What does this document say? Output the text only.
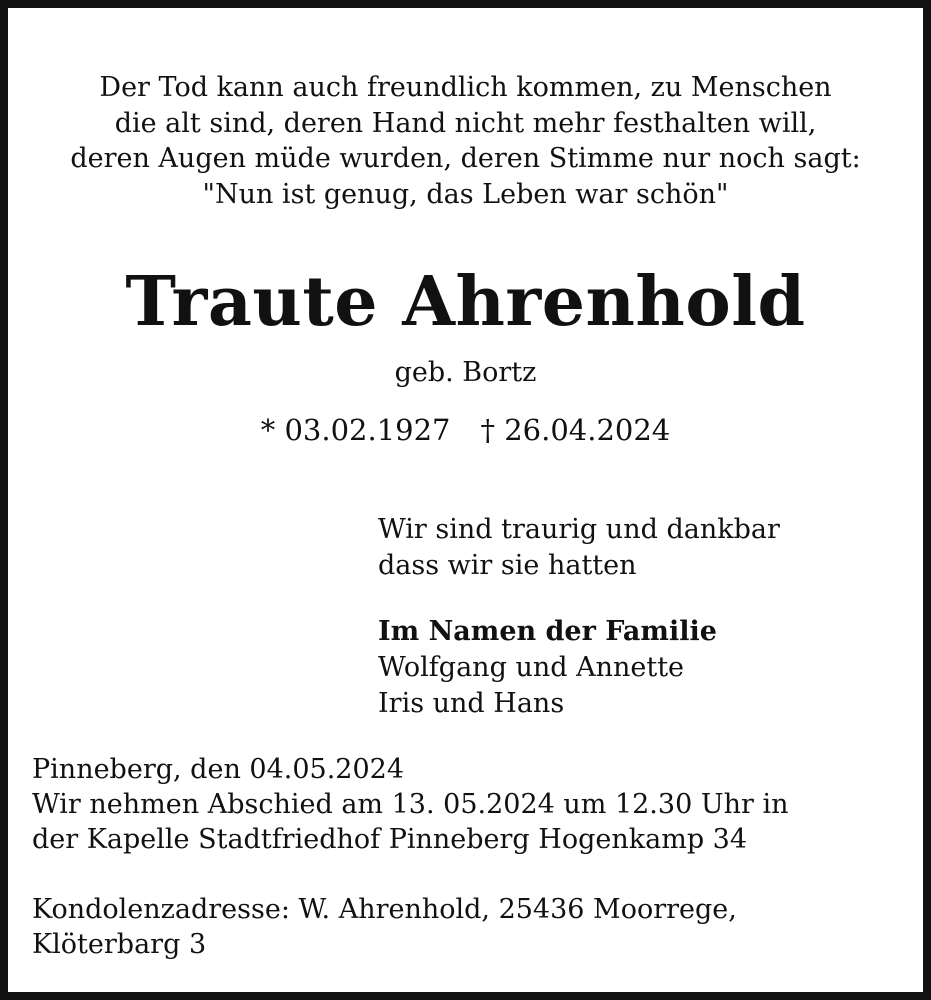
Der Tod kann auch freundlich kommen, zu Menschen
die alt sind, deren Hand nicht mehr festhalten will,
deren Augen müde wurden, deren Stimme nur noch sagt:
"Nun ist genug, das Leben war schön"
Traute Ahrenhold
geb. Bortz
* 03.02.1927 † 26.04.2024
Wir sind traurig und dankbar
dass wir sie hatten
Im Namen der Familie
Wolfgang und Annette
Iris und Hans
Pinneberg, den 04.05.2024
Wir nehmen Abschied am 13. 05.2024 um 12.30 Uhr in
der Kapelle Stadtfriedhof Pinneberg Hogenkamp 34
Kondolenzadresse: W. Ahrenhold, 25436 Moorrege,
Klöterbarg 3
